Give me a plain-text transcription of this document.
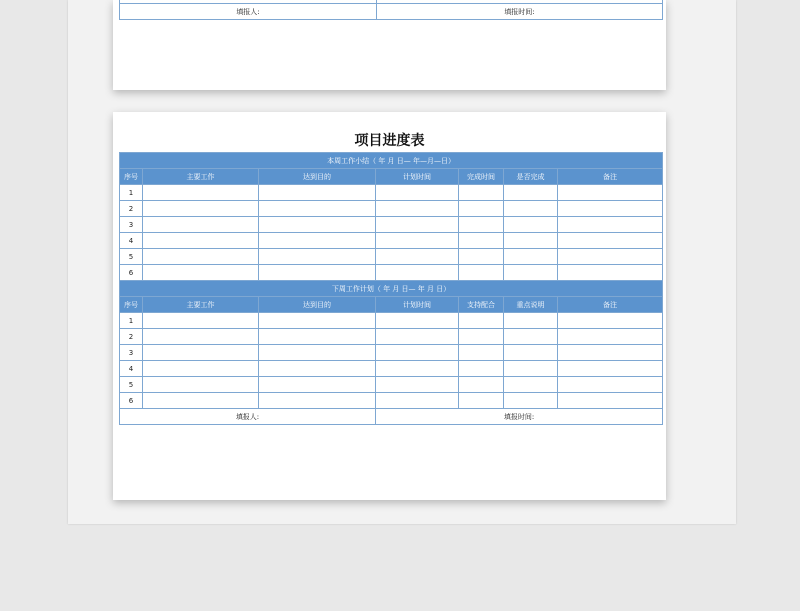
填报人:	填报时间:
项目进度表
本周工作小结（ 年 月 日— 年—月—日）						
序号	主要工作	达到目的	计划时间	完成时间	是否完成	备注
1						
2						
3						
4						
5						
6						
下周工作计划（ 年 月 日— 年 月 日）						
序号	主要工作	达到目的	计划时间	支持配合	重点说明	备注
1						
2						
3						
4						
5						
6						
填报人:			填报时间:			
